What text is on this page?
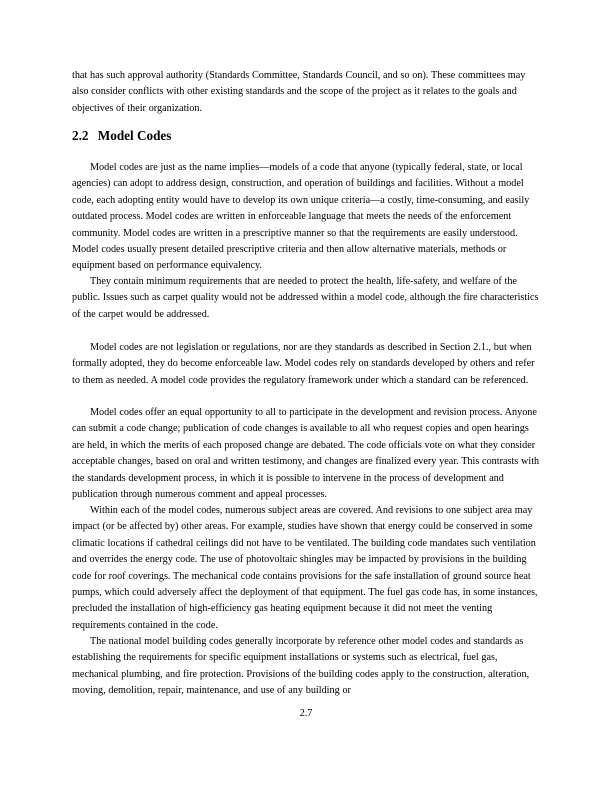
that has such approval authority (Standards Committee, Standards Council, and so on). These committees may also consider conflicts with other existing standards and the scope of the project as it relates to the goals and objectives of their organization.

2.2 Model Codes

Model codes are just as the name implies—models of a code that anyone (typically federal, state, or local agencies) can adopt to address design, construction, and operation of buildings and facilities. Without a model code, each adopting entity would have to develop its own unique criteria—a costly, time-consuming, and easily outdated process. Model codes are written in enforceable language that meets the needs of the enforcement community. Model codes are written in a prescriptive manner so that the requirements are easily understood. Model codes usually present detailed prescriptive criteria and then allow alternative materials, methods or equipment based on performance equivalency.

They contain minimum requirements that are needed to protect the health, life-safety, and welfare of the public. Issues such as carpet quality would not be addressed within a model code, although the fire characteristics of the carpet would be addressed.

Model codes are not legislation or regulations, nor are they standards as described in Section 2.1., but when formally adopted, they do become enforceable law. Model codes rely on standards developed by others and refer to them as needed. A model code provides the regulatory framework under which a standard can be referenced.

Model codes offer an equal opportunity to all to participate in the development and revision process. Anyone can submit a code change; publication of code changes is available to all who request copies and open hearings are held, in which the merits of each proposed change are debated. The code officials vote on what they consider acceptable changes, based on oral and written testimony, and changes are finalized every year. This contrasts with the standards development process, in which it is possible to intervene in the process of development and publication through numerous comment and appeal processes.

Within each of the model codes, numerous subject areas are covered. And revisions to one subject area may impact (or be affected by) other areas. For example, studies have shown that energy could be conserved in some climatic locations if cathedral ceilings did not have to be ventilated. The building code mandates such ventilation and overrides the energy code. The use of photovoltaic shingles may be impacted by provisions in the building code for roof coverings. The mechanical code contains provisions for the safe installation of ground source heat pumps, which could adversely affect the deployment of that equipment. The fuel gas code has, in some instances, precluded the installation of high-efficiency gas heating equipment because it did not meet the venting requirements contained in the code.

The national model building codes generally incorporate by reference other model codes and standards as establishing the requirements for specific equipment installations or systems such as electrical, fuel gas, mechanical plumbing, and fire protection. Provisions of the building codes apply to the construction, alteration, moving, demolition, repair, maintenance, and use of any building or

2.7
